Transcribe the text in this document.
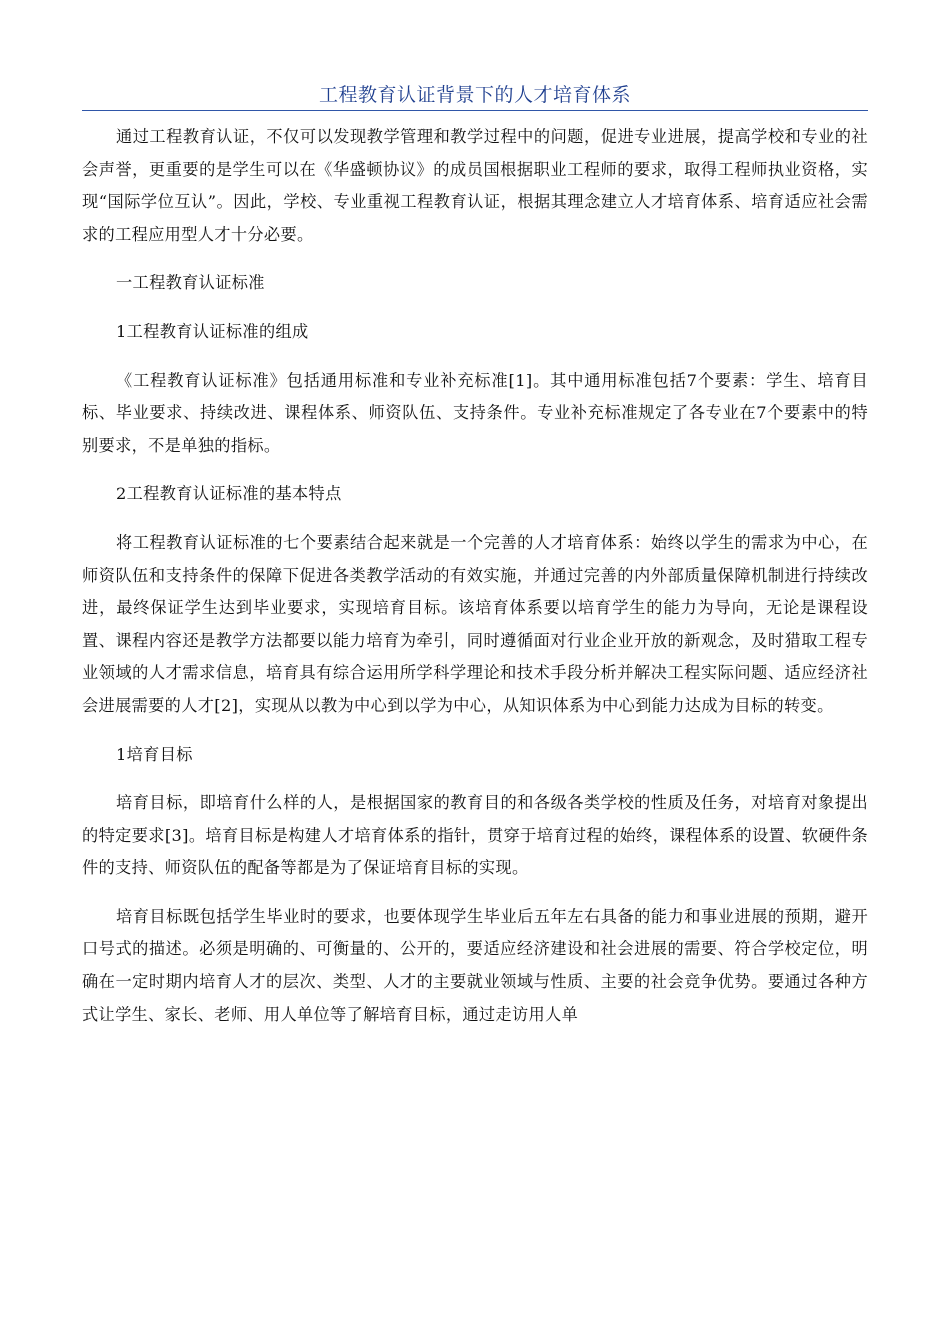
工程教育认证背景下的人才培育体系

通过工程教育认证，不仅可以发现教学管理和教学过程中的问题，促进专业进展，提高学校和专业的社会声誉，更重要的是学生可以在《华盛顿协议》的成员国根据职业工程师的要求，取得工程师执业资格，实现“国际学位互认”。因此，学校、专业重视工程教育认证，根据其理念建立人才培育体系、培育适应社会需求的工程应用型人才十分必要。

一工程教育认证标准

1工程教育认证标准的组成

《工程教育认证标准》包括通用标准和专业补充标准[1]。其中通用标准包括7个要素：学生、培育目标、毕业要求、持续改进、课程体系、师资队伍、支持条件。专业补充标准规定了各专业在7个要素中的特别要求，不是单独的指标。

2工程教育认证标准的基本特点

将工程教育认证标准的七个要素结合起来就是一个完善的人才培育体系：始终以学生的需求为中心，在师资队伍和支持条件的保障下促进各类教学活动的有效实施，并通过完善的内外部质量保障机制进行持续改进，最终保证学生达到毕业要求，实现培育目标。该培育体系要以培育学生的能力为导向，无论是课程设置、课程内容还是教学方法都要以能力培育为牵引，同时遵循面对行业企业开放的新观念，及时猎取工程专业领域的人才需求信息，培育具有综合运用所学科学理论和技术手段分析并解决工程实际问题、适应经济社会进展需要的人才[2]，实现从以教为中心到以学为中心，从知识体系为中心到能力达成为目标的转变。

1培育目标

培育目标，即培育什么样的人，是根据国家的教育目的和各级各类学校的性质及任务，对培育对象提出的特定要求[3]。培育目标是构建人才培育体系的指针，贯穿于培育过程的始终，课程体系的设置、软硬件条件的支持、师资队伍的配备等都是为了保证培育目标的实现。

培育目标既包括学生毕业时的要求，也要体现学生毕业后五年左右具备的能力和事业进展的预期，避开口号式的描述。必须是明确的、可衡量的、公开的，要适应经济建设和社会进展的需要、符合学校定位，明确在一定时期内培育人才的层次、类型、人才的主要就业领域与性质、主要的社会竞争优势。要通过各种方式让学生、家长、老师、用人单位等了解培育目标，通过走访用人单
